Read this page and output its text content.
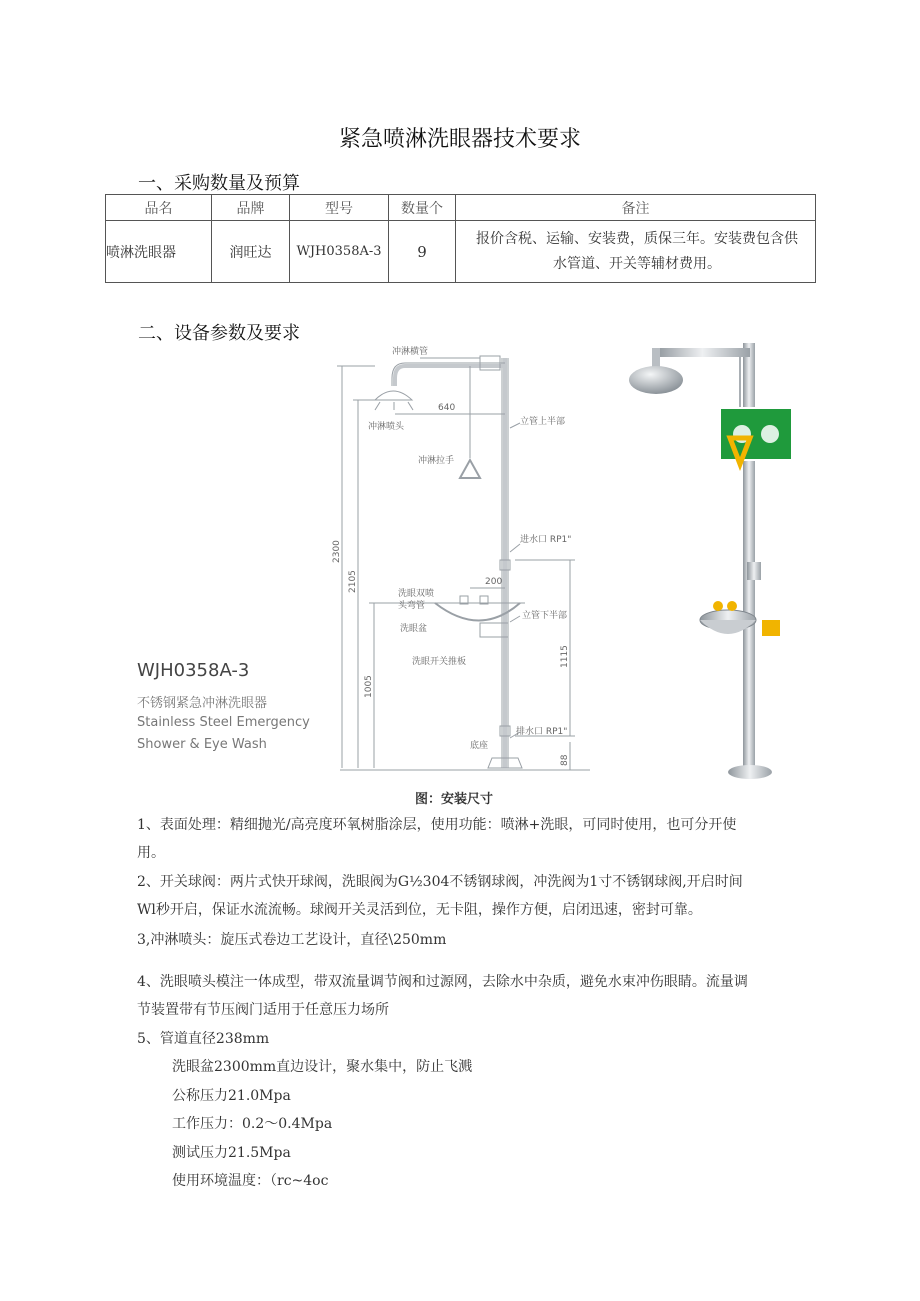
紧急喷淋洗眼器技术要求
一、采购数量及预算
品名	品牌	型号	数量个	备注
喷淋洗眼器	润旺达	WJH0358A-3	9	报价含税、运输、安装费，质保三年。安装费包含供
水管道、开关等辅材费用。
二、设备参数及要求
冲淋横管
冲淋喷头
冲淋拉手
立管上半部
进水口 RP1"
洗眼双喷
头弯管
洗眼盆
立管下半部
洗眼开关推板
排水口 RP1"
底座
640
200
2300
2105
1005
1115
88
WJH0358A-3
不锈钢紧急冲淋洗眼器
Stainless Steel Emergency
Shower & Eye Wash
图：安装尺寸
1、表面处理：精细抛光/高亮度环氧树脂涂层，使用功能：喷淋+洗眼，可同时使用，也可分开使
用。
2、开关球阀：两片式快开球阀，洗眼阀为G½304不锈钢球阀，冲洗阀为1寸不锈钢球阀,开启时间
Wl秒开启，保证水流流畅。球阀开关灵活到位，无卡阻，操作方便，启闭迅速，密封可靠。
3,冲淋喷头：旋压式卷边工艺设计，直径\250mm
4、洗眼喷头模注一体成型，带双流量调节阀和过源网，去除水中杂质，避免水束冲伤眼睛。流量调
节装置带有节压阀门适用于任意压力场所
5、管道直径238mm
洗眼盆2300mm直边设计，聚水集中，防止飞溅
公称压力21.0Mpa
工作压力：0.2～0.4Mpa
测试压力21.5Mpa
使用环境温度：（rc~4oc
